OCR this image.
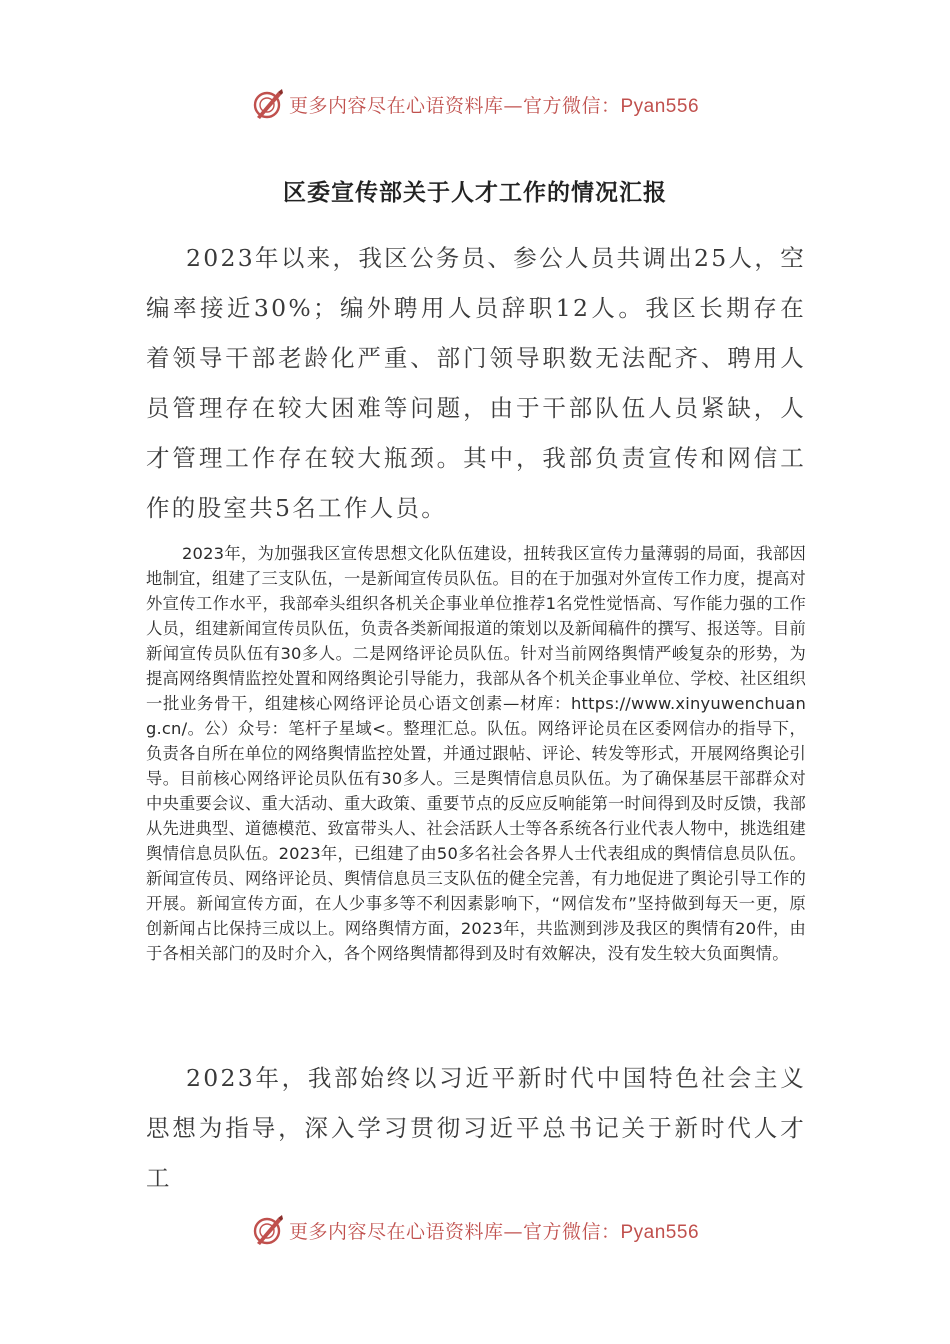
更多内容尽在心语资料库—官方微信：Pyan556
区委宣传部关于人才工作的情况汇报

2023年以来，我区公务员、参公人员共调出25人，空编率接近30%；编外聘用人员辞职12人。我区长期存在着领导干部老龄化严重、部门领导职数无法配齐、聘用人员管理存在较大困难等问题，由于干部队伍人员紧缺，人才管理工作存在较大瓶颈。其中，我部负责宣传和网信工作的股室共5名工作人员。

2023年，为加强我区宣传思想文化队伍建设，扭转我区宣传力量薄弱的局面，我部因地制宜，组建了三支队伍，一是新闻宣传员队伍。目的在于加强对外宣传工作力度，提高对外宣传工作水平，我部牵头组织各机关企事业单位推荐1名党性觉悟高、写作能力强的工作人员，组建新闻宣传员队伍，负责各类新闻报道的策划以及新闻稿件的撰写、报送等。目前新闻宣传员队伍有30多人。二是网络评论员队伍。针对当前网络舆情严峻复杂的形势，为提高网络舆情监控处置和网络舆论引导能力，我部从各个机关企事业单位、学校、社区组织一批业务骨干，组建核心网络评论员心语文创素—材库：https://www.xinyuwenchuang.cn/。公）众号：笔杆子星域<。整理汇总。队伍。网络评论员在区委网信办的指导下，负责各自所在单位的网络舆情监控处置，并通过跟帖、评论、转发等形式，开展网络舆论引导。目前核心网络评论员队伍有30多人。三是舆情信息员队伍。为了确保基层干部群众对中央重要会议、重大活动、重大政策、重要节点的反应反响能第一时间得到及时反馈，我部从先进典型、道德模范、致富带头人、社会活跃人士等各系统各行业代表人物中，挑选组建舆情信息员队伍。2023年，已组建了由50多名社会各界人士代表组成的舆情信息员队伍。新闻宣传员、网络评论员、舆情信息员三支队伍的健全完善，有力地促进了舆论引导工作的开展。新闻宣传方面，在人少事多等不利因素影响下，“网信发布”坚持做到每天一更，原创新闻占比保持三成以上。网络舆情方面，2023年，共监测到涉及我区的舆情有20件，由于各相关部门的及时介入，各个网络舆情都得到及时有效解决，没有发生较大负面舆情。

2023年，我部始终以习近平新时代中国特色社会主义思想为指导，深入学习贯彻习近平总书记关于新时代人才工

更多内容尽在心语资料库—官方微信：Pyan556
